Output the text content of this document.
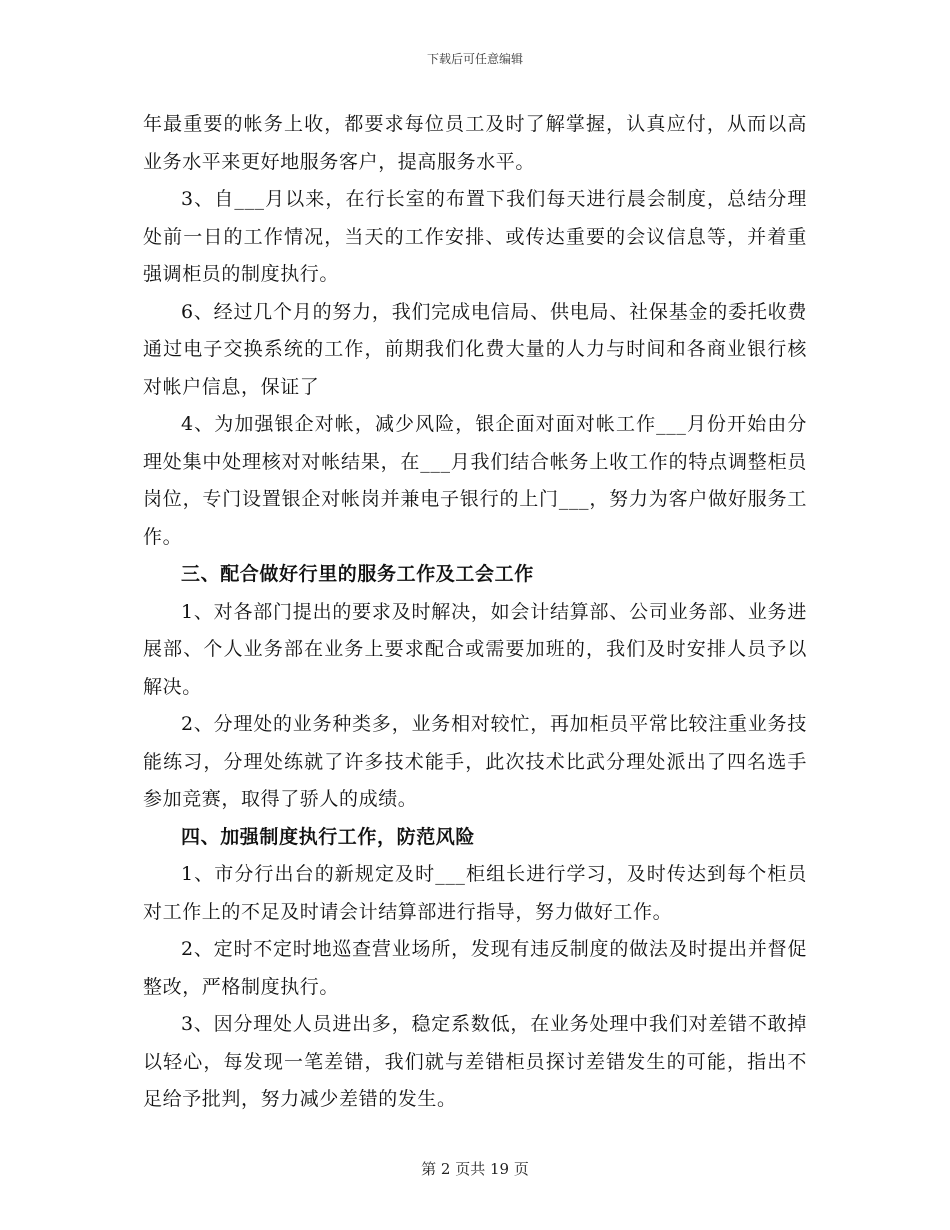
下载后可任意编辑

年最重要的帐务上收，都要求每位员工及时了解掌握，认真应付，从而以高业务水平来更好地服务客户，提高服务水平。

3、自___月以来，在行长室的布置下我们每天进行晨会制度，总结分理处前一日的工作情况，当天的工作安排、或传达重要的会议信息等，并着重强调柜员的制度执行。

6、经过几个月的努力，我们完成电信局、供电局、社保基金的委托收费通过电子交换系统的工作，前期我们化费大量的人力与时间和各商业银行核对帐户信息，保证了

4、为加强银企对帐，减少风险，银企面对面对帐工作___月份开始由分理处集中处理核对对帐结果，在___月我们结合帐务上收工作的特点调整柜员岗位，专门设置银企对帐岗并兼电子银行的上门___，努力为客户做好服务工作。

三、配合做好行里的服务工作及工会工作

1、对各部门提出的要求及时解决，如会计结算部、公司业务部、业务进展部、个人业务部在业务上要求配合或需要加班的，我们及时安排人员予以解决。

2、分理处的业务种类多，业务相对较忙，再加柜员平常比较注重业务技能练习，分理处练就了许多技术能手，此次技术比武分理处派出了四名选手参加竞赛，取得了骄人的成绩。

四、加强制度执行工作，防范风险

1、市分行出台的新规定及时___柜组长进行学习，及时传达到每个柜员对工作上的不足及时请会计结算部进行指导，努力做好工作。

2、定时不定时地巡查营业场所，发现有违反制度的做法及时提出并督促整改，严格制度执行。

3、因分理处人员进出多，稳定系数低，在业务处理中我们对差错不敢掉以轻心，每发现一笔差错，我们就与差错柜员探讨差错发生的可能，指出不足给予批判，努力减少差错的发生。

第 2 页共 19 页
